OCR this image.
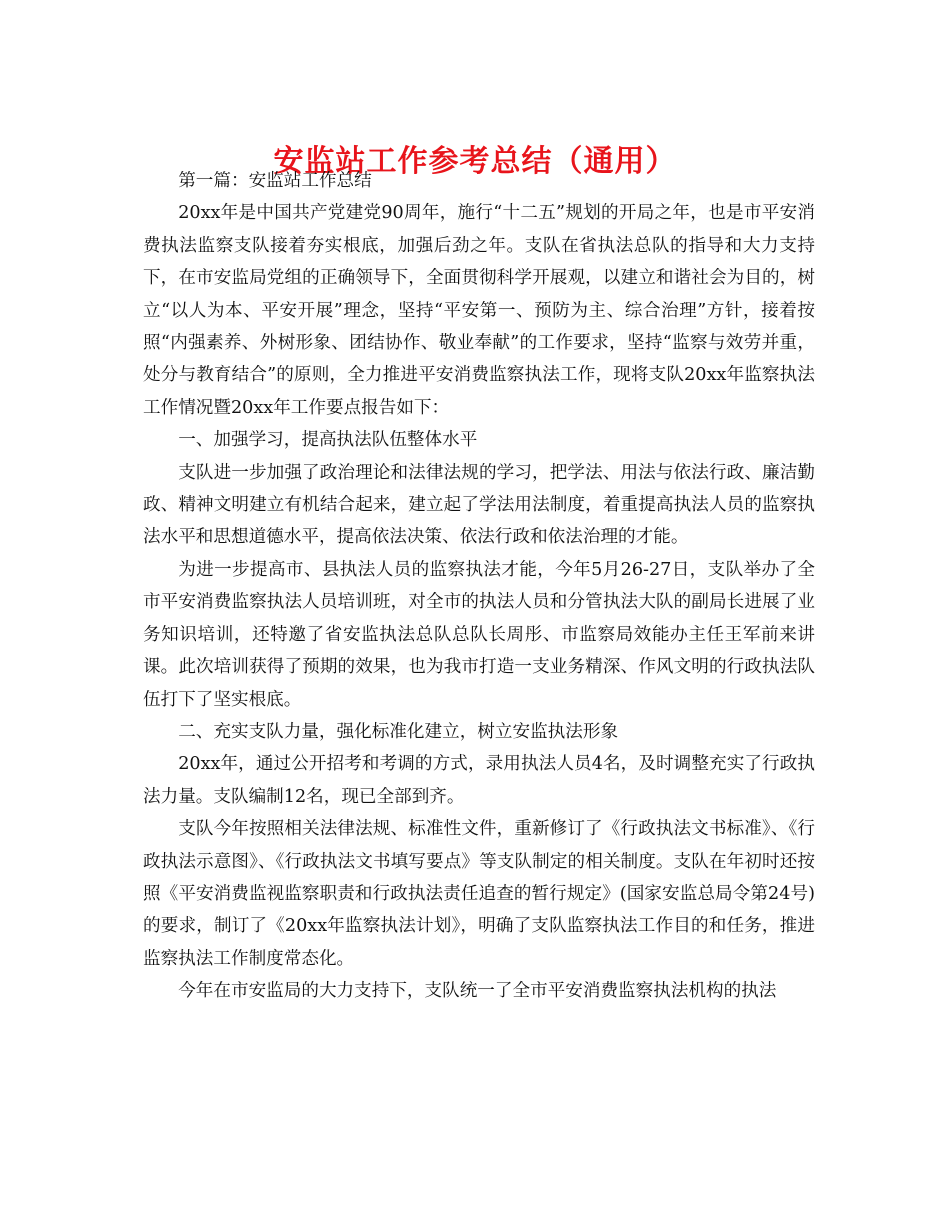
安监站工作参考总结（通用）

第一篇：安监站工作总结

20xx年是中国共产党建党90周年，施行“十二五”规划的开局之年，也是市平安消费执法监察支队接着夯实根底，加强后劲之年。支队在省执法总队的指导和大力支持下，在市安监局党组的正确领导下，全面贯彻科学开展观，以建立和谐社会为目的，树立“以人为本、平安开展”理念，坚持“平安第一、预防为主、综合治理”方针，接着按照“内强素养、外树形象、团结协作、敬业奉献”的工作要求，坚持“监察与效劳并重，处分与教育结合”的原则，全力推进平安消费监察执法工作，现将支队20xx年监察执法工作情况暨20xx年工作要点报告如下：

一、加强学习，提高执法队伍整体水平

支队进一步加强了政治理论和法律法规的学习，把学法、用法与依法行政、廉洁勤政、精神文明建立有机结合起来，建立起了学法用法制度，着重提高执法人员的监察执法水平和思想道德水平，提高依法决策、依法行政和依法治理的才能。

为进一步提高市、县执法人员的监察执法才能，今年5月26-27日，支队举办了全市平安消费监察执法人员培训班，对全市的执法人员和分管执法大队的副局长进展了业务知识培训，还特邀了省安监执法总队总队长周彤、市监察局效能办主任王军前来讲课。此次培训获得了预期的效果，也为我市打造一支业务精深、作风文明的行政执法队伍打下了坚实根底。

二、充实支队力量，强化标准化建立，树立安监执法形象

20xx年，通过公开招考和考调的方式，录用执法人员4名，及时调整充实了行政执法力量。支队编制12名，现已全部到齐。

支队今年按照相关法律法规、标准性文件，重新修订了《行政执法文书标准》、《行政执法示意图》、《行政执法文书填写要点》等支队制定的相关制度。支队在年初时还按照《平安消费监视监察职责和行政执法责任追查的暂行规定》(国家安监总局令第24号)的要求，制订了《20xx年监察执法计划》，明确了支队监察执法工作目的和任务，推进监察执法工作制度常态化。

今年在市安监局的大力支持下，支队统一了全市平安消费监察执法机构的执法
